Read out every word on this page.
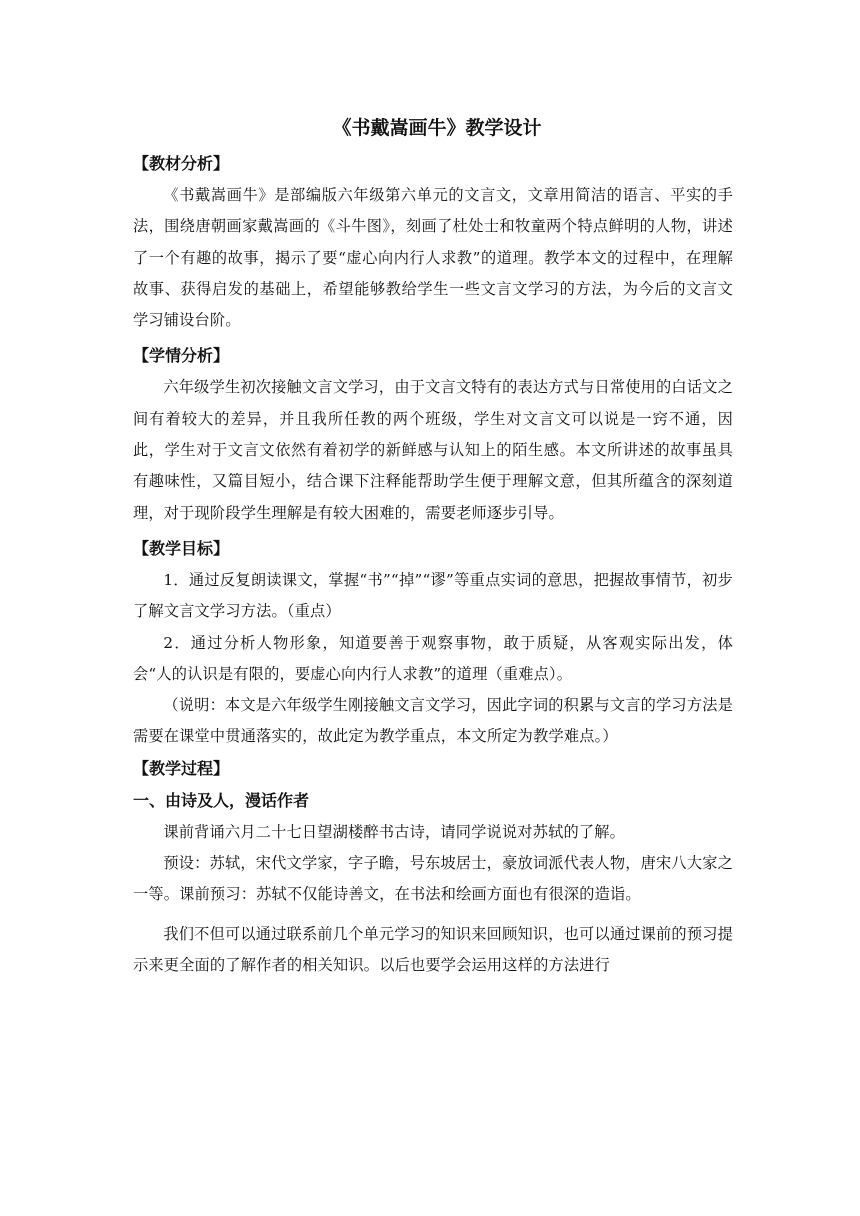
《书戴嵩画牛》教学设计
【教材分析】

《书戴嵩画牛》是部编版六年级第六单元的文言文，文章用简洁的语言、平实的手法，围绕唐朝画家戴嵩画的《斗牛图》，刻画了杜处士和牧童两个特点鲜明的人物，讲述了一个有趣的故事，揭示了要“虚心向内行人求教”的道理。教学本文的过程中，在理解故事、获得启发的基础上，希望能够教给学生一些文言文学习的方法，为今后的文言文学习铺设台阶。

【学情分析】

六年级学生初次接触文言文学习，由于文言文特有的表达方式与日常使用的白话文之间有着较大的差异，并且我所任教的两个班级，学生对文言文可以说是一窍不通，因此，学生对于文言文依然有着初学的新鲜感与认知上的陌生感。本文所讲述的故事虽具有趣味性，又篇目短小，结合课下注释能帮助学生便于理解文意，但其所蕴含的深刻道理，对于现阶段学生理解是有较大困难的，需要老师逐步引导。

【教学目标】

1．通过反复朗读课文，掌握“书”“掉”“谬”等重点实词的意思，把握故事情节，初步了解文言文学习方法。（重点）

2．通过分析人物形象，知道要善于观察事物，敢于质疑，从客观实际出发，体会“人的认识是有限的，要虚心向内行人求教”的道理（重难点）。

（说明：本文是六年级学生刚接触文言文学习，因此字词的积累与文言的学习方法是需要在课堂中贯通落实的，故此定为教学重点，本文所定为教学难点。）

【教学过程】
一、由诗及人，漫话作者

课前背诵六月二十七日望湖楼醉书古诗，请同学说说对苏轼的了解。

预设：苏轼，宋代文学家，字子瞻，号东坡居士，豪放词派代表人物，唐宋八大家之一等。课前预习：苏轼不仅能诗善文，在书法和绘画方面也有很深的造诣。

我们不但可以通过联系前几个单元学习的知识来回顾知识，也可以通过课前的预习提示来更全面的了解作者的相关知识。以后也要学会运用这样的方法进行
